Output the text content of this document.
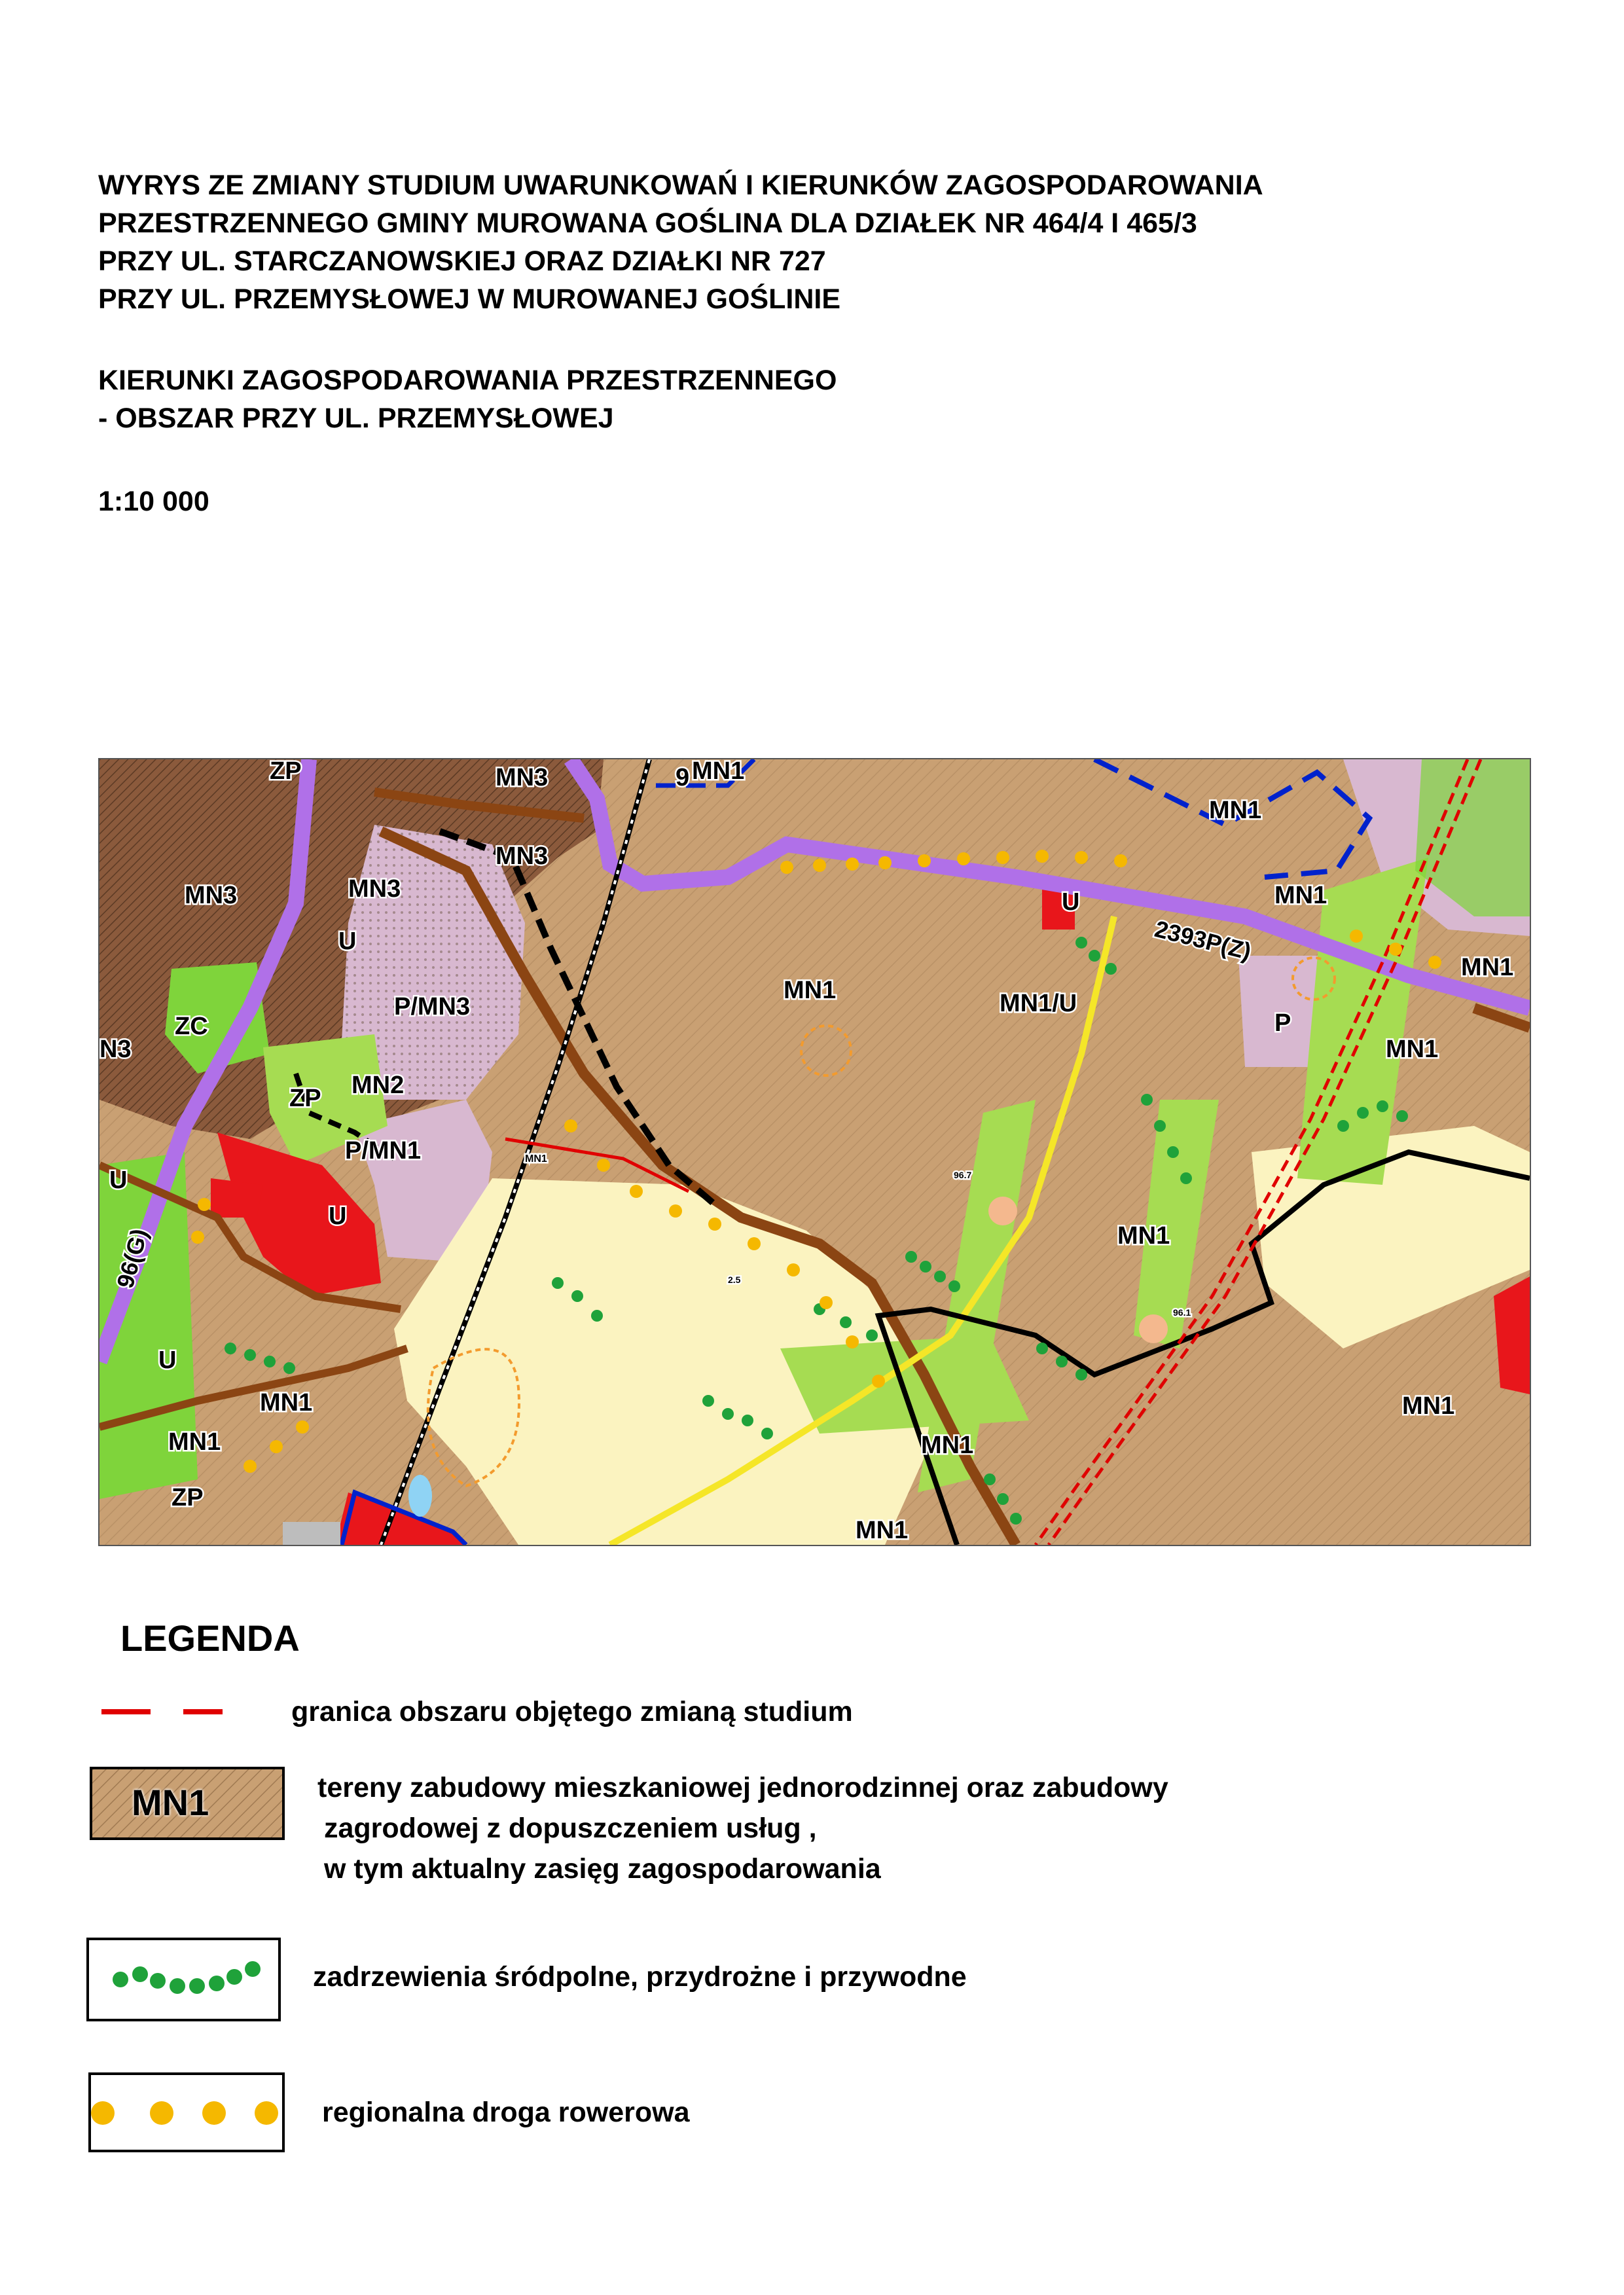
WYRYS ZE ZMIANY STUDIUM UWARUNKOWAŃ I KIERUNKÓW ZAGOSPODAROWANIA
PRZESTRZENNEGO GMINY MUROWANA GOŚLINA DLA DZIAŁEK NR 464/4 I 465/3
PRZY UL. STARCZANOWSKIEJ ORAZ DZIAŁKI NR 727
PRZY UL. PRZEMYSŁOWEJ W MUROWANEJ GOŚLINIE
KIERUNKI ZAGOSPODAROWANIA PRZESTRZENNEGO
- OBSZAR PRZY UL. PRZEMYSŁOWEJ
1:10 000
ZP	MN3	9 MN1
MN1
MN3
MN3	MN3	U	MN1
U	2393P(Z)
MN1
ZC
P/MN3
MN1	MN1/U
P
MN1
N3
MN2
ZP
P/MN1	MN1
U
U
96(G)	MN1
U
MN1
MN1
ZP
MN1
MN1
MN1
96.1
96.7
2.5
LEGENDA
granica obszaru objętego zmianą studium
MN1	tereny zabudowy mieszkaniowej jednorodzinnej oraz zabudowy
zagrodowej z dopuszczeniem usług ,
w tym aktualny zasięg zagospodarowania
zadrzewienia śródpolne, przydrożne i przywodne
regionalna droga rowerowa
